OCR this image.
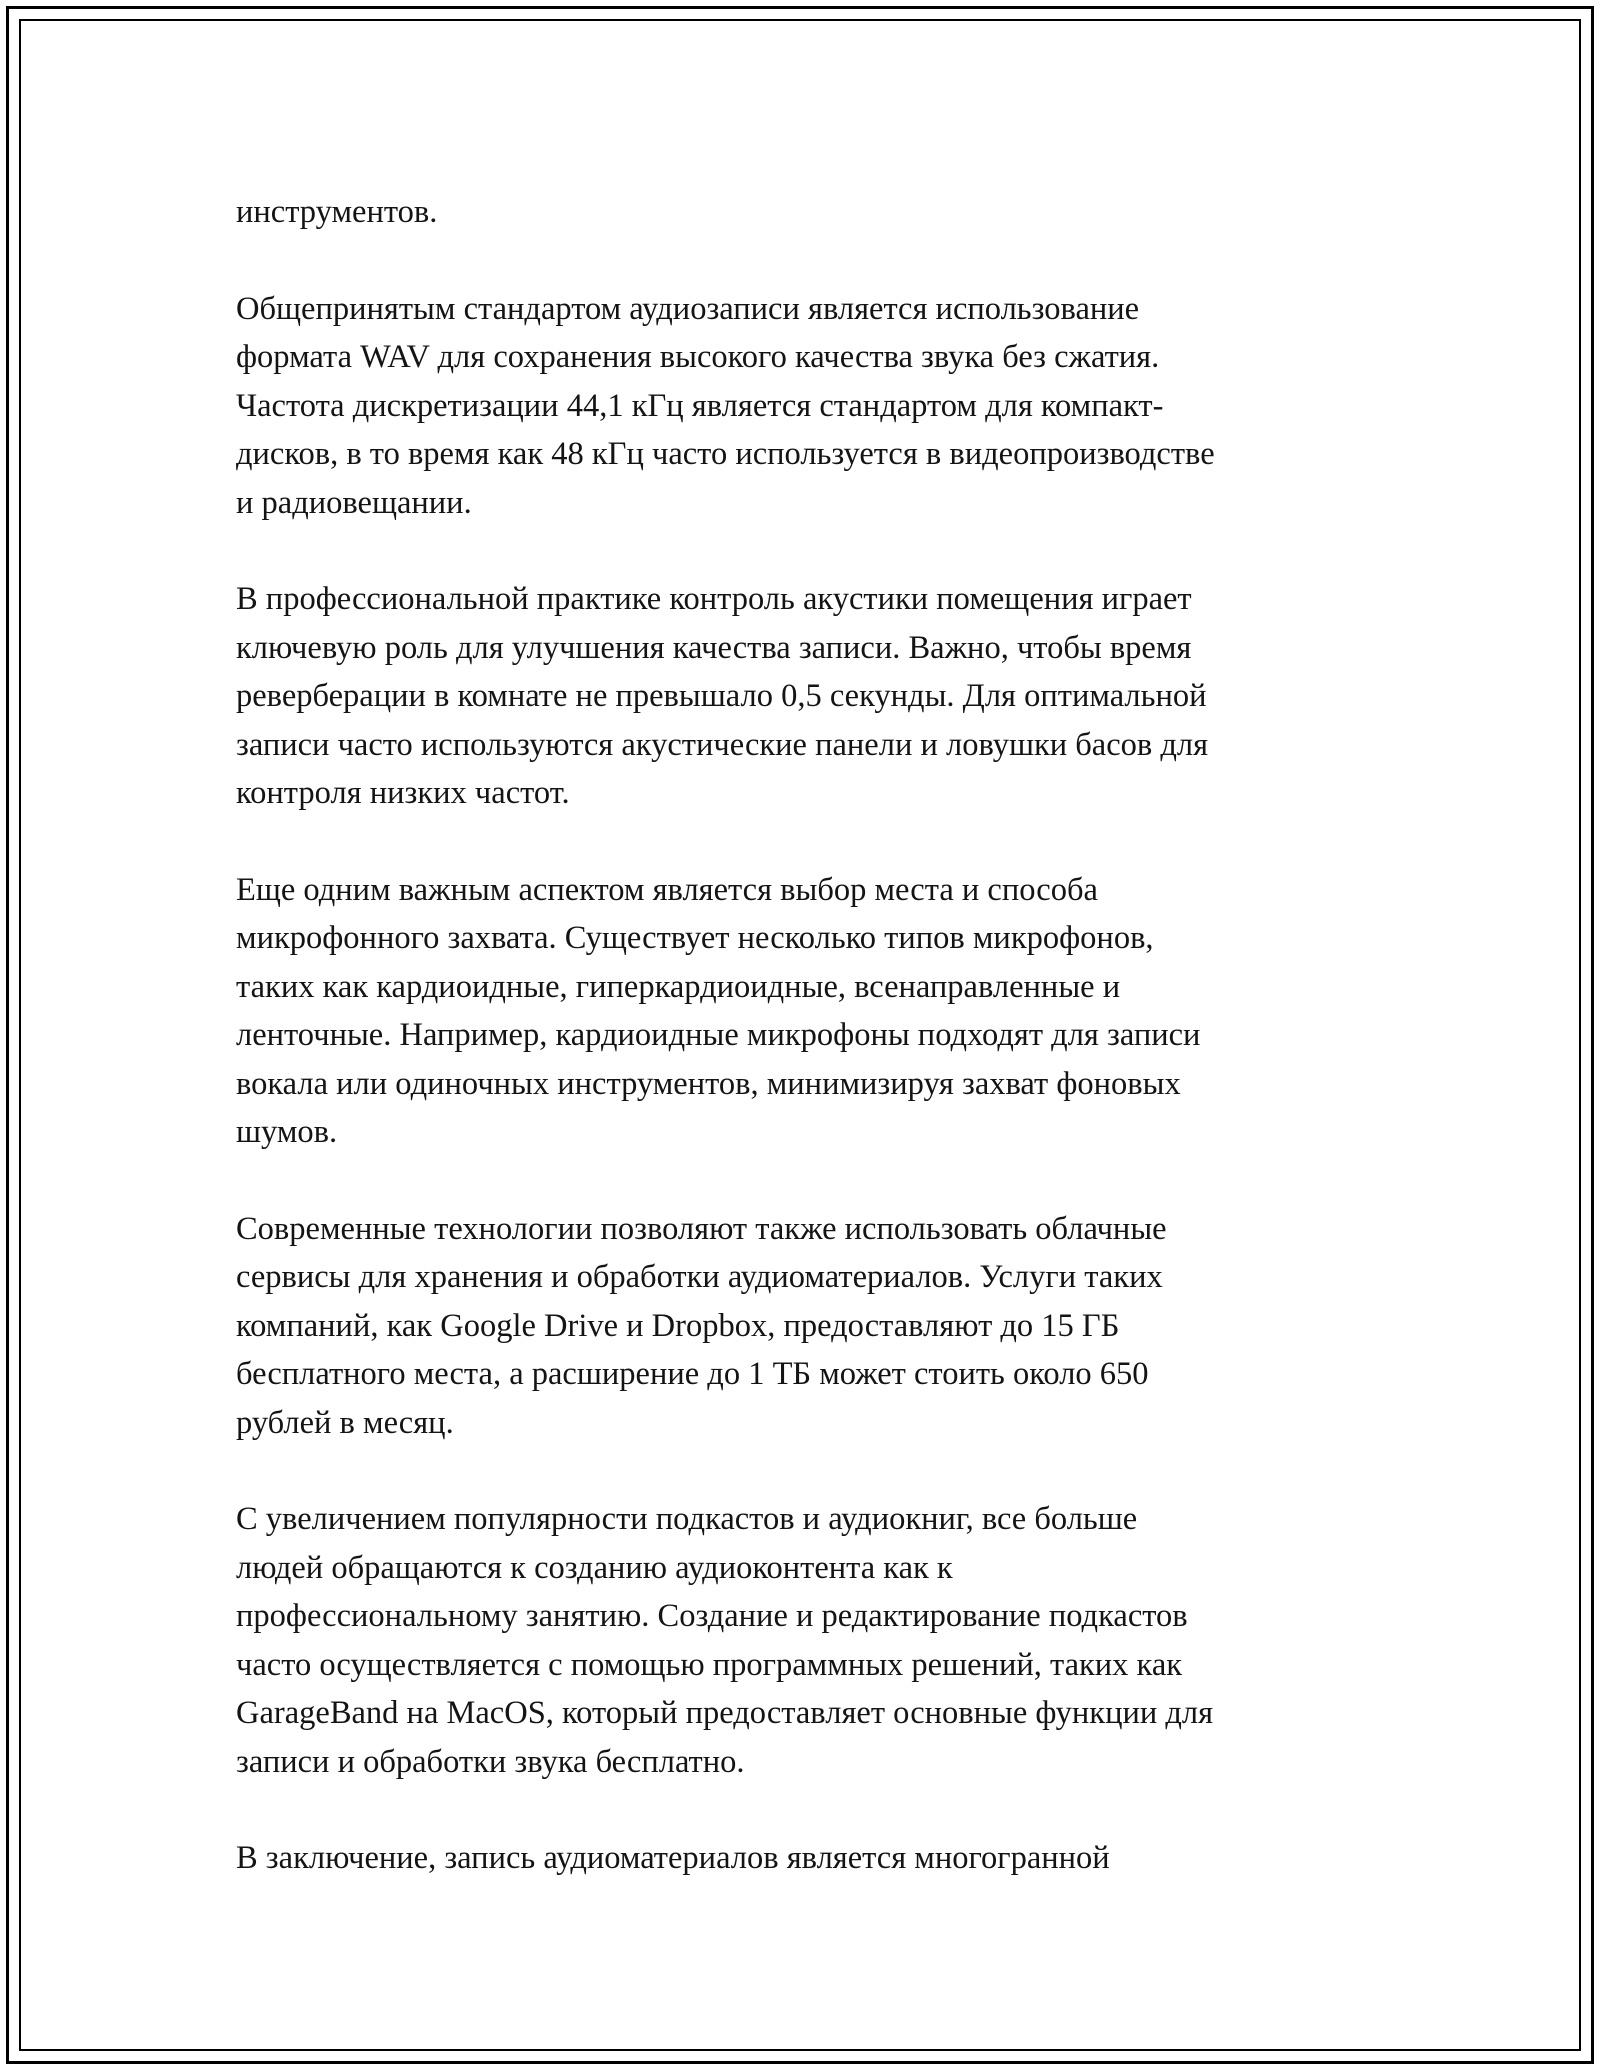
инструментов.

Общепринятым стандартом аудиозаписи является использование
формата WAV для сохранения высокого качества звука без сжатия.
Частота дискретизации 44,1 кГц является стандартом для компакт-
дисков, в то время как 48 кГц часто используется в видеопроизводстве
и радиовещании.

В профессиональной практике контроль акустики помещения играет
ключевую роль для улучшения качества записи. Важно, чтобы время
реверберации в комнате не превышало 0,5 секунды. Для оптимальной
записи часто используются акустические панели и ловушки басов для
контроля низких частот.

Еще одним важным аспектом является выбор места и способа
микрофонного захвата. Существует несколько типов микрофонов,
таких как кардиоидные, гиперкардиоидные, всенаправленные и
ленточные. Например, кардиоидные микрофоны подходят для записи
вокала или одиночных инструментов, минимизируя захват фоновых
шумов.

Современные технологии позволяют также использовать облачные
сервисы для хранения и обработки аудиоматериалов. Услуги таких
компаний, как Google Drive и Dropbox, предоставляют до 15 ГБ
бесплатного места, а расширение до 1 ТБ может стоить около 650
рублей в месяц.

С увеличением популярности подкастов и аудиокниг, все больше
людей обращаются к созданию аудиоконтента как к
профессиональному занятию. Создание и редактирование подкастов
часто осуществляется с помощью программных решений, таких как
GarageBand на MacOS, который предоставляет основные функции для
записи и обработки звука бесплатно.

В заключение, запись аудиоматериалов является многогранной
